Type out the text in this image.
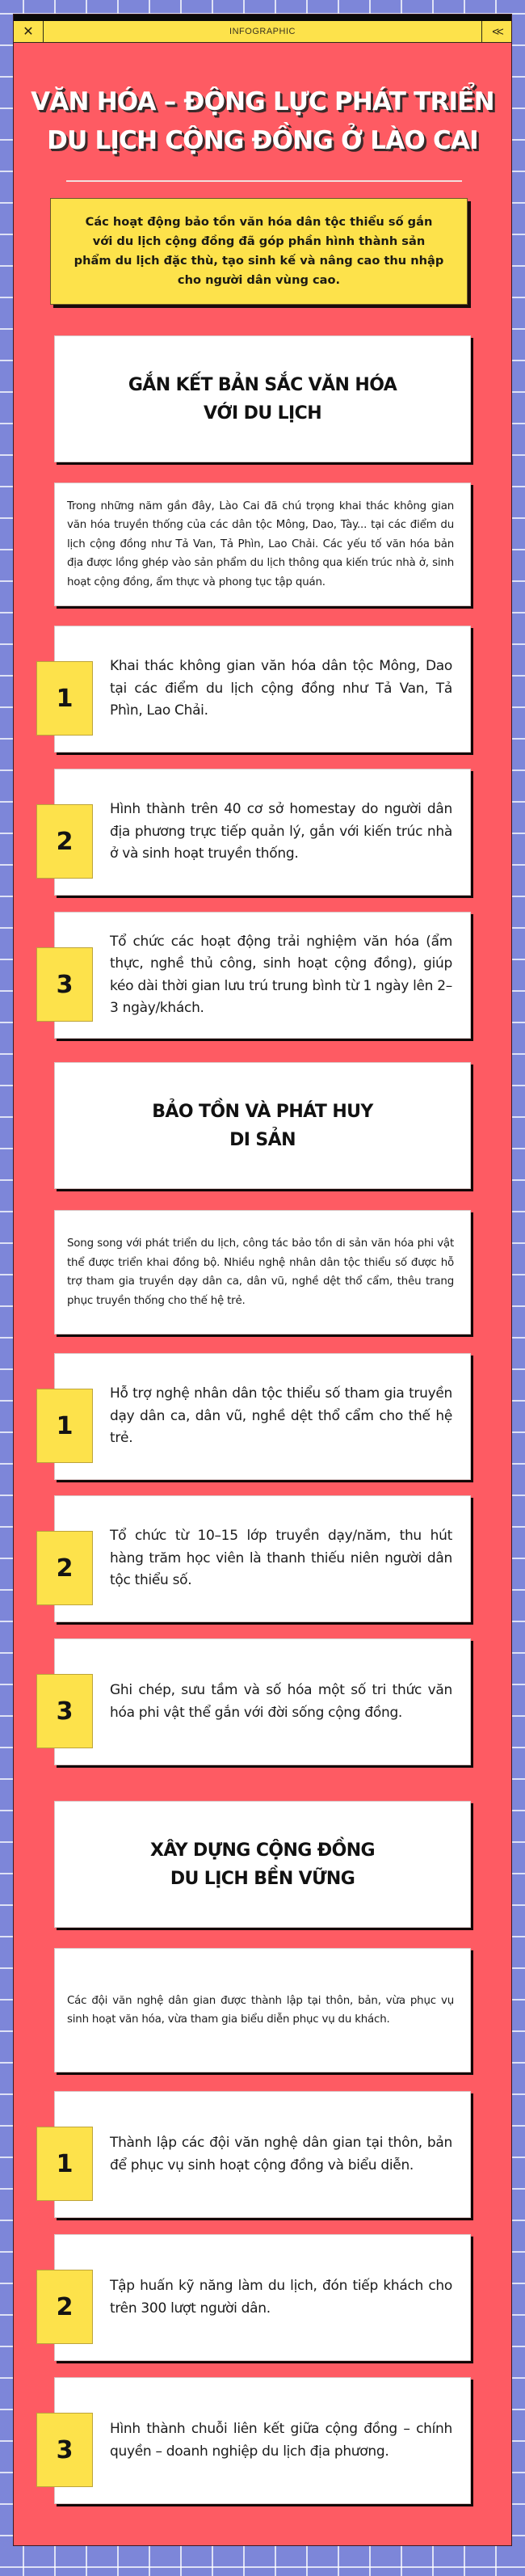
✕	INFOGRAPHIC	<<
VĂN HÓA – ĐỘNG LỰC PHÁT TRIỂN
DU LỊCH CỘNG ĐỒNG Ở LÀO CAI
Các hoạt động bảo tồn văn hóa dân tộc thiểu số gắn với du lịch cộng đồng đã góp phần hình thành sản phẩm du lịch đặc thù, tạo sinh kế và nâng cao thu nhập cho người dân vùng cao.
GẮN KẾT BẢN SẮC VĂN HÓA
VỚI DU LỊCH
Trong những năm gần đây, Lào Cai đã chú trọng khai thác không gian văn hóa truyền thống của các dân tộc Mông, Dao, Tày... tại các điểm du lịch cộng đồng như Tả Van, Tả Phìn, Lao Chải. Các yếu tố văn hóa bản địa được lồng ghép vào sản phẩm du lịch thông qua kiến trúc nhà ở, sinh hoạt cộng đồng, ẩm thực và phong tục tập quán.
Khai thác không gian văn hóa dân tộc Mông, Dao tại các điểm du lịch cộng đồng như Tả Van, Tả Phìn, Lao Chải.
1
Hình thành trên 40 cơ sở homestay do người dân địa phương trực tiếp quản lý, gắn với kiến trúc nhà ở và sinh hoạt truyền thống.
2
Tổ chức các hoạt động trải nghiệm văn hóa (ẩm thực, nghề thủ công, sinh hoạt cộng đồng), giúp kéo dài thời gian lưu trú trung bình từ 1 ngày lên 2–3 ngày/khách.
3
BẢO TỒN VÀ PHÁT HUY
DI SẢN
Song song với phát triển du lịch, công tác bảo tồn di sản văn hóa phi vật thể được triển khai đồng bộ. Nhiều nghệ nhân dân tộc thiểu số được hỗ trợ tham gia truyền dạy dân ca, dân vũ, nghề dệt thổ cẩm, thêu trang phục truyền thống cho thế hệ trẻ.
Hỗ trợ nghệ nhân dân tộc thiểu số tham gia truyền dạy dân ca, dân vũ, nghề dệt thổ cẩm cho thế hệ trẻ.
1
Tổ chức từ 10–15 lớp truyền dạy/năm, thu hút hàng trăm học viên là thanh thiếu niên người dân tộc thiểu số.
2
Ghi chép, sưu tầm và số hóa một số tri thức văn hóa phi vật thể gắn với đời sống cộng đồng.
3
XÂY DỰNG CỘNG ĐỒNG
DU LỊCH BỀN VỮNG
Các đội văn nghệ dân gian được thành lập tại thôn, bản, vừa phục vụ sinh hoạt văn hóa, vừa tham gia biểu diễn phục vụ du khách.
Thành lập các đội văn nghệ dân gian tại thôn, bản để phục vụ sinh hoạt cộng đồng và biểu diễn.
1
Tập huấn kỹ năng làm du lịch, đón tiếp khách cho trên 300 lượt người dân.
2
Hình thành chuỗi liên kết giữa cộng đồng – chính quyền – doanh nghiệp du lịch địa phương.
3
